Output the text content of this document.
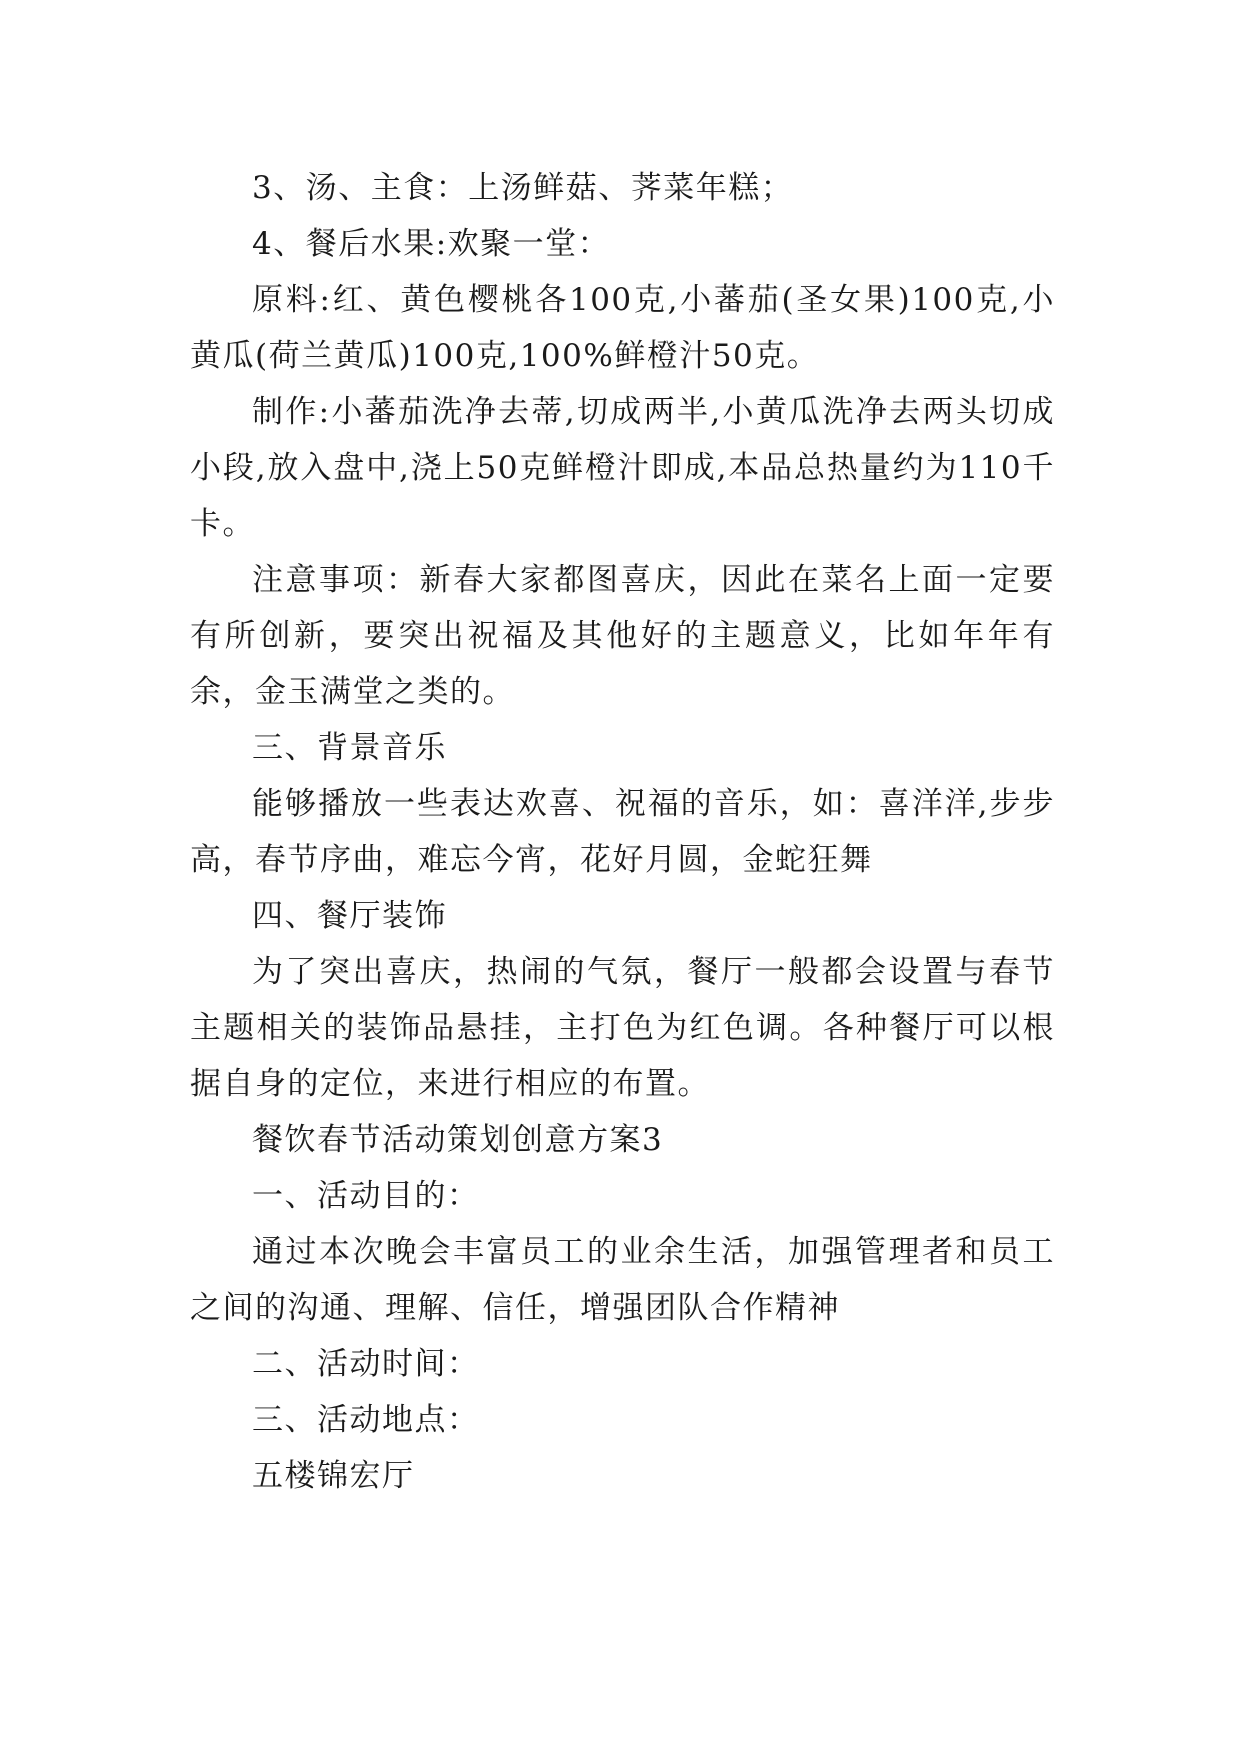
3、汤、主食：上汤鲜菇、荠菜年糕；

4、餐后水果:欢聚一堂：

原料:红、黄色樱桃各100克,小蕃茄(圣女果)100克,小黄瓜(荷兰黄瓜)100克,100%鲜橙汁50克。

制作:小蕃茄洗净去蒂,切成两半,小黄瓜洗净去两头切成小段,放入盘中,浇上50克鲜橙汁即成,本品总热量约为110千卡。

注意事项：新春大家都图喜庆，因此在菜名上面一定要有所创新，要突出祝福及其他好的主题意义，比如年年有余，金玉满堂之类的。

三、背景音乐

能够播放一些表达欢喜、祝福的音乐，如：喜洋洋,步步高，春节序曲，难忘今宵，花好月圆，金蛇狂舞

四、餐厅装饰

为了突出喜庆，热闹的气氛，餐厅一般都会设置与春节主题相关的装饰品悬挂，主打色为红色调。各种餐厅可以根据自身的定位，来进行相应的布置。

餐饮春节活动策划创意方案3

一、活动目的：

通过本次晚会丰富员工的业余生活，加强管理者和员工之间的沟通、理解、信任，增强团队合作精神

二、活动时间：

三、活动地点：

五楼锦宏厅
